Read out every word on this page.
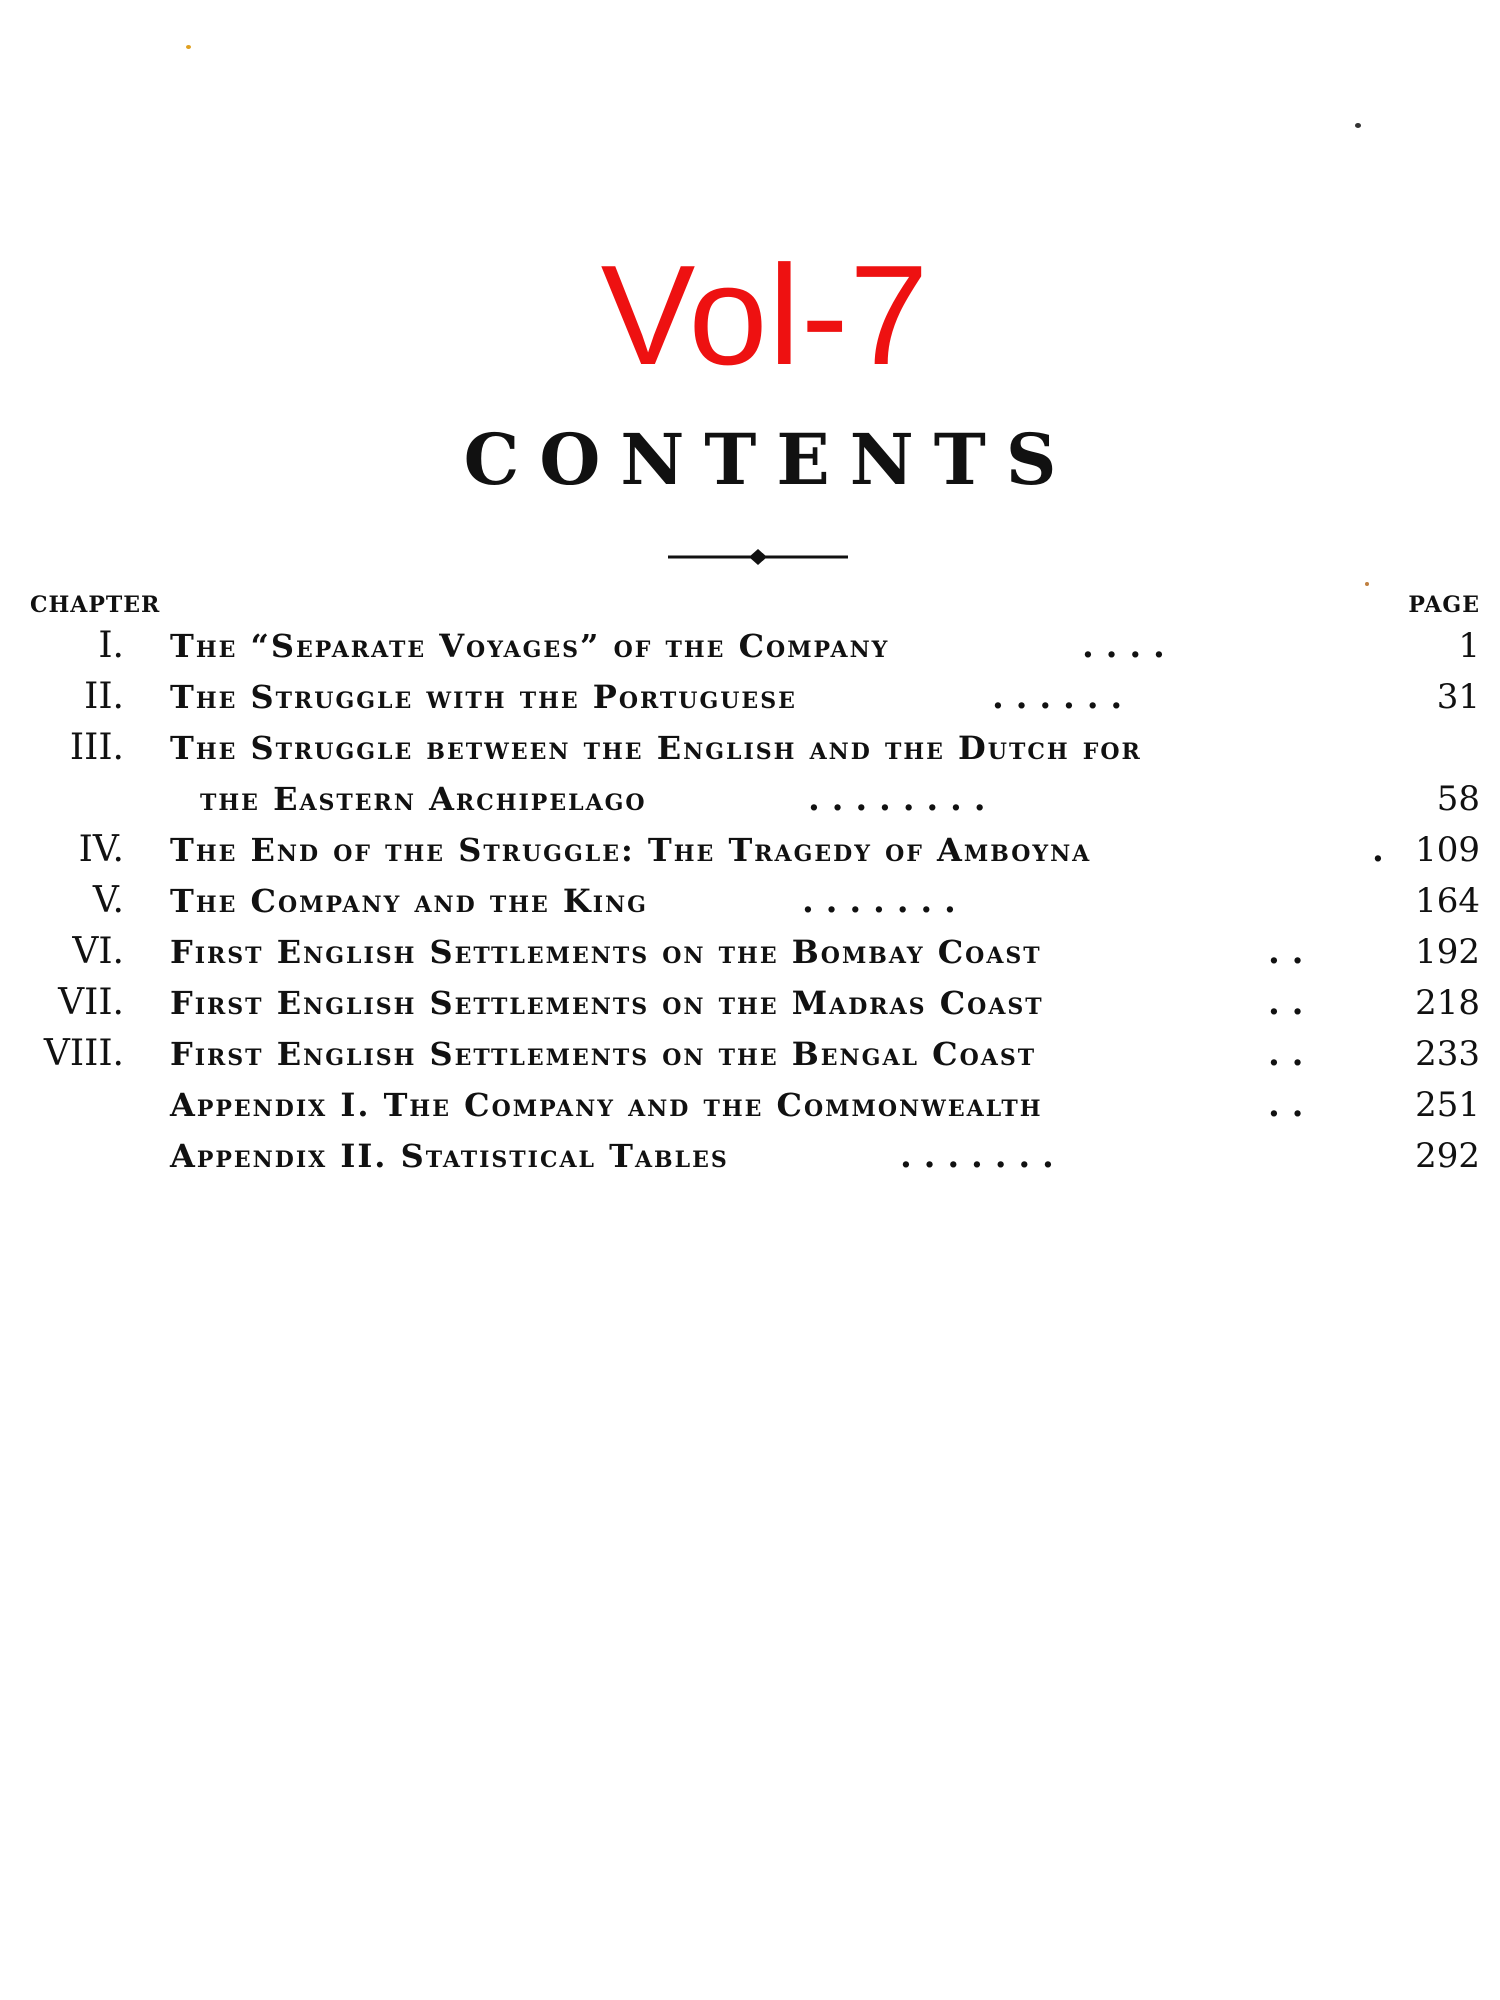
Vol-7
CONTENTS
CHAPTER	PAGE
I. The “Separate Voyages” of the Company	. . . .	1
II. The Struggle with the Portuguese	. . . . . .	31
III. The Struggle between the English and the Dutch for
the Eastern Archipelago	. . . . . . . .	58
IV. The End of the Struggle: The Tragedy of Amboyna	. 109
V. The Company and the King	. . . . . . .	164
VI. First English Settlements on the Bombay Coast	. .	192
VII. First English Settlements on the Madras Coast	. .	218
VIII. First English Settlements on the Bengal Coast	. .	233
Appendix I. The Company and the Commonwealth	. .	251
Appendix II. Statistical Tables	. . . . . . .	292
